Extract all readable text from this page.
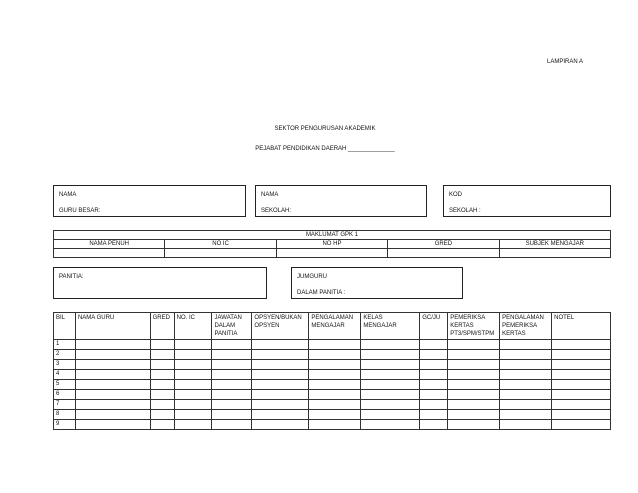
LAMPIRAN A
SEKTOR PENGURUSAN AKADEMIK
PEJABAT PENDIDIKAN DAERAH ______________
NAMA
GURU BESAR:
NAMA
SEKOLAH:
KOD
SEKOLAH :
MAKLUMAT GPK 1				
NAMA PENUH	NO IC	NO HP	GRED	SUBJEK MENGAJAR

PANITIA:	JUMGURU
DALAM PANITIA :
BIL	NAMA GURU	GRED	NO. IC	JAWATAN DALAM PANITIA	OPSYEN/BUKAN OPSYEN	PENGALAMAN MENGAJAR	KELAS MENGAJAR	GC/JU	PEMERIKSA KERTAS PT3/SPM/STPM	PENGALAMAN PEMERIKSA KERTAS	NOTEL
1											
2											
3											
4											
5											
6											
7											
8											
9											
